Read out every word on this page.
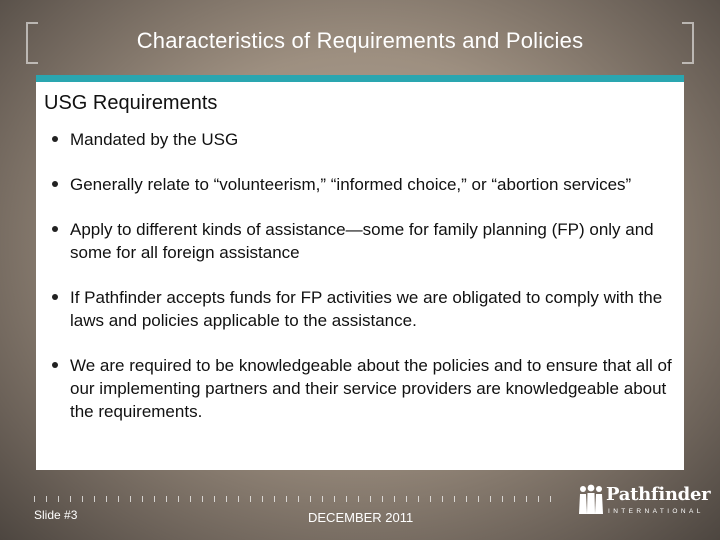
Characteristics of Requirements and Policies
USG Requirements
Mandated by the USG
Generally relate to “volunteerism,” “informed choice,” or “abortion services”
Apply to different kinds of assistance—some for family planning (FP) only and some for all foreign assistance
If Pathfinder accepts funds for FP activities we are obligated to comply with the laws and policies applicable to the assistance.
We are required to be knowledgeable about the policies and to ensure that all of our implementing partners and their service providers are knowledgeable about the requirements.
Slide #3	DECEMBER 2011
Pathfinder
INTERNATIONAL
